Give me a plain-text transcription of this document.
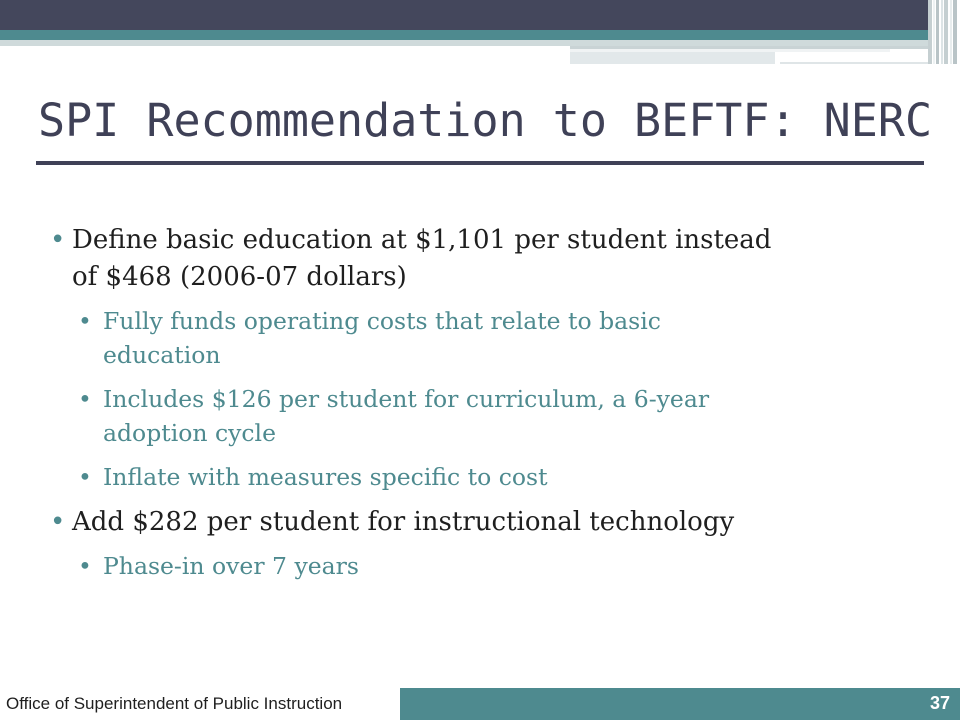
SPI Recommendation to BEFTF: NERC
• Define basic education at $1,101 per student instead
of $468 (2006-07 dollars)
• Fully funds operating costs that relate to basic
education
• Includes $126 per student for curriculum, a 6-year
adoption cycle
• Inflate with measures specific to cost
• Add $282 per student for instructional technology
• Phase-in over 7 years
Office of Superintendent of Public Instruction	37
